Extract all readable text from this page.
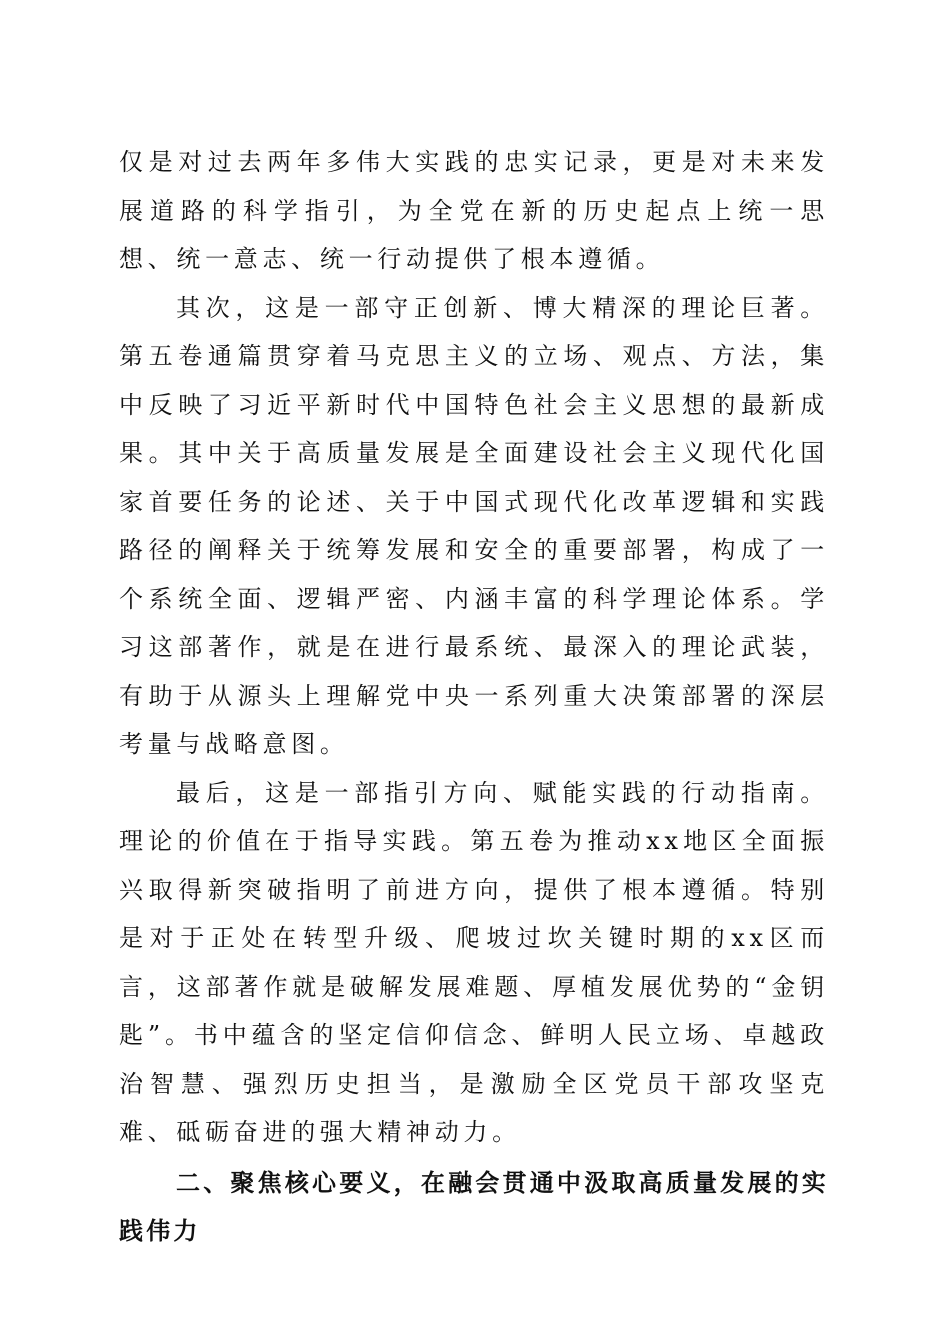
仅是对过去两年多伟大实践的忠实记录，更是对未来发展道路的科学指引，为全党在新的历史起点上统一思想、统一意志、统一行动提供了根本遵循。

其次，这是一部守正创新、博大精深的理论巨著。第五卷通篇贯穿着马克思主义的立场、观点、方法，集中反映了习近平新时代中国特色社会主义思想的最新成果。其中关于高质量发展是全面建设社会主义现代化国家首要任务的论述、关于中国式现代化改革逻辑和实践路径的阐释关于统筹发展和安全的重要部署，构成了一个系统全面、逻辑严密、内涵丰富的科学理论体系。学习这部著作，就是在进行最系统、最深入的理论武装，有助于从源头上理解党中央一系列重大决策部署的深层考量与战略意图。

最后，这是一部指引方向、赋能实践的行动指南。理论的价值在于指导实践。第五卷为推动xx地区全面振兴取得新突破指明了前进方向，提供了根本遵循。特别是对于正处在转型升级、爬坡过坎关键时期的xx区而言，这部著作就是破解发展难题、厚植发展优势的“金钥匙”。书中蕴含的坚定信仰信念、鲜明人民立场、卓越政治智慧、强烈历史担当，是激励全区党员干部攻坚克难、砥砺奋进的强大精神动力。

二、聚焦核心要义，在融会贯通中汲取高质量发展的实践伟力
